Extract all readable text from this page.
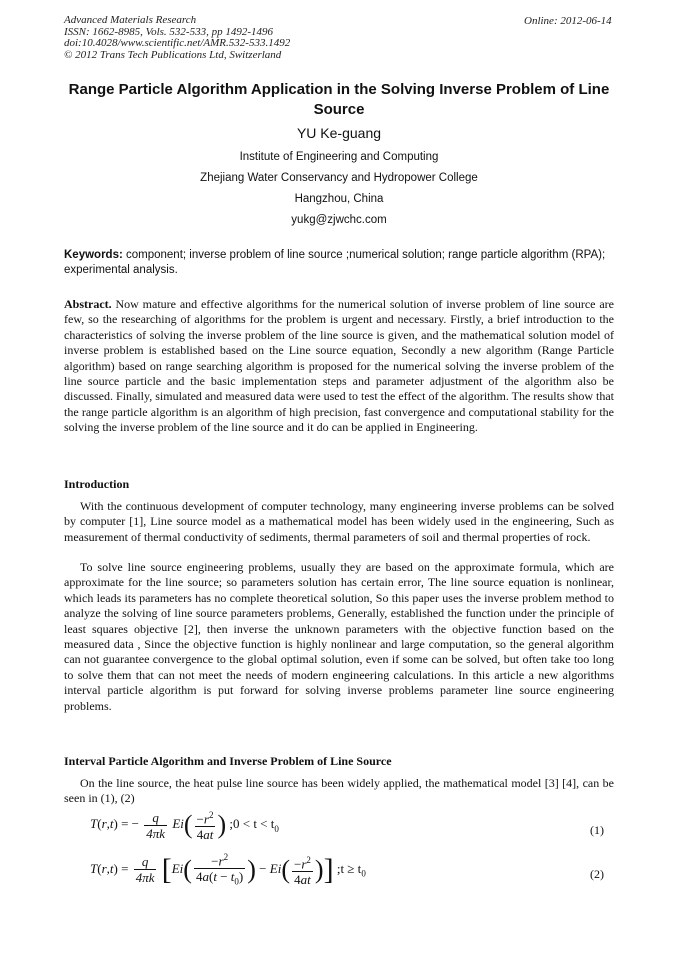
Advanced Materials Research
ISSN: 1662-8985, Vols. 532-533, pp 1492-1496
doi:10.4028/www.scientific.net/AMR.532-533.1492
© 2012 Trans Tech Publications Ltd, Switzerland
Online: 2012-06-14
Range Particle Algorithm Application in the Solving Inverse Problem of Line Source
YU Ke-guang
Institute of Engineering and Computing
Zhejiang Water Conservancy and Hydropower College
Hangzhou, China
yukg@zjwchc.com
Keywords: component; inverse problem of line source ;numerical solution; range particle algorithm (RPA); experimental analysis.
Abstract. Now mature and effective algorithms for the numerical solution of inverse problem of line source are few, so the researching of algorithms for the problem is urgent and necessary. Firstly, a brief introduction to the characteristics of solving the inverse problem of the line source is given, and the mathematical solution model of inverse problem is established based on the Line source equation, Secondly a new algorithm (Range Particle algorithm) based on range searching algorithm is proposed for the numerical solving the inverse problem of the line source particle and the basic implementation steps and parameter adjustment of the algorithm also be discussed. Finally, simulated and measured data were used to test the effect of the algorithm. The results show that the range particle algorithm is an algorithm of high precision, fast convergence and computational stability for the solving the inverse problem of the line source and it do can be applied in Engineering.
Introduction
With the continuous development of computer technology, many engineering inverse problems can be solved by computer [1], Line source model as a mathematical model has been widely used in the engineering, Such as measurement of thermal conductivity of sediments, thermal parameters of soil and thermal properties of rock.
To solve line source engineering problems, usually they are based on the approximate formula, which are approximate for the line source; so parameters solution has certain error, The line source equation is nonlinear, which leads its parameters has no complete theoretical solution, So this paper uses the inverse problem method to analyze the solving of line source parameters problems, Generally, established the function under the principle of least squares objective [2], then inverse the unknown parameters with the objective function based on the measured data , Since the objective function is highly nonlinear and large computation, so the general algorithm can not guarantee convergence to the global optimal solution, even if some can be solved, but often take too long to solve them that can not meet the needs of modern engineering calculations. In this article a new algorithms interval particle algorithm is put forward for solving inverse problems parameter line source engineering problems.
Interval Particle Algorithm and Inverse Problem of Line Source
On the line source, the heat pulse line source has been widely applied, the mathematical model [3] [4], can be seen in (1), (2)
T(r,t) = − $\frac{q}{4\pi k} Ei( \frac{-r^2}{4at}$ ) ;0 < $t < t_0$	(1)
$T(r,t) = \frac{q}{4\pi k} [Ei( \frac{-r^2}{4a(t - t_0)}$ ) − $Ei( \frac{-r^2}{4at}$ )] ;t ≥ $t_0$	(2)
